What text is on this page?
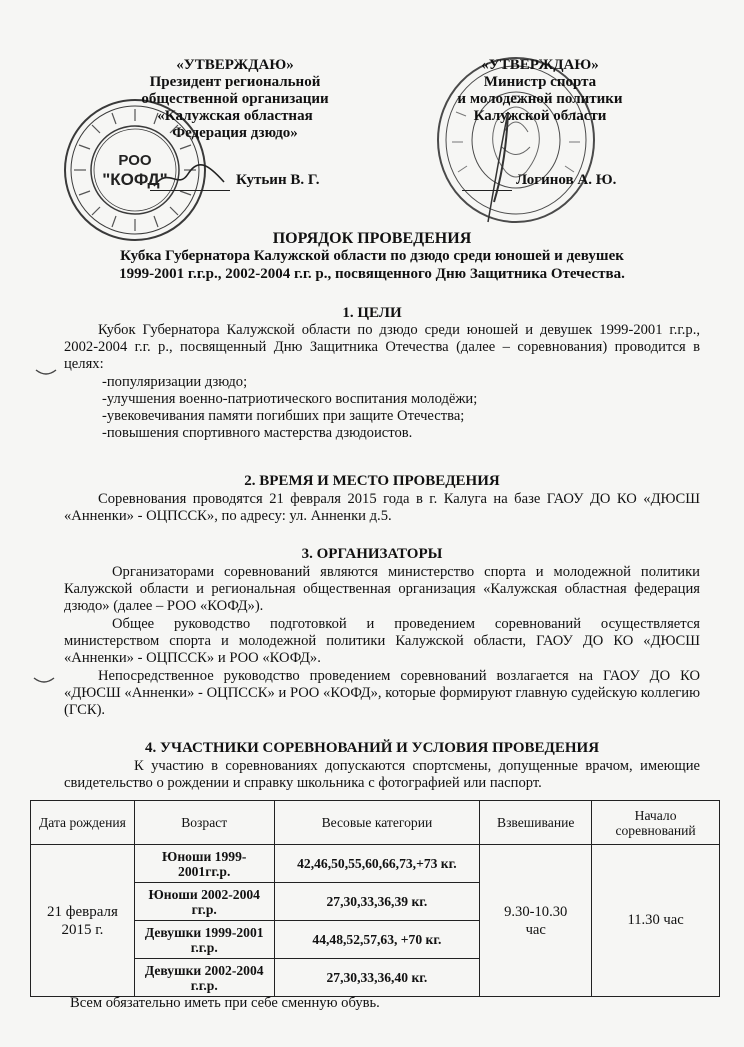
РОО
"КОФД"
«УТВЕРЖДАЮ»
Президент региональной
общественной организации
«Калужская областная
Федерация дзюдо»
Кутьин В. Г.
«УТВЕРЖДАЮ»
Министр спорта
и молодежной политики
Калужской области
Логинов А. Ю.
ПОРЯДОК ПРОВЕДЕНИЯ
Кубка Губернатора Калужской области по дзюдо среди юношей и девушек
1999-2001 г.г.р., 2002-2004 г.г. р., посвященного Дню Защитника Отечества.
1. ЦЕЛИ
Кубок Губернатора Калужской области по дзюдо среди юношей и девушек 1999-2001 г.г.р., 2002-2004 г.г. р., посвященный Дню Защитника Отечества (далее – соревнования) проводится в целях:
-популяризации дзюдо;
-улучшения военно-патриотического воспитания молодёжи;
-увековечивания памяти погибших при защите Отечества;
-повышения спортивного мастерства дзюдоистов.
2. ВРЕМЯ И МЕСТО ПРОВЕДЕНИЯ
Соревнования проводятся 21 февраля 2015 года в г. Калуга на базе ГАОУ ДО КО «ДЮСШ «Анненки» - ОЦПССК», по адресу: ул. Анненки д.5.
3. ОРГАНИЗАТОРЫ
Организаторами соревнований являются министерство спорта и молодежной политики Калужской области и региональная общественная организация «Калужская областная федерация дзюдо» (далее – РОО «КОФД»).
Общее руководство подготовкой и проведением соревнований осуществляется министерством спорта и молодежной политики Калужской области, ГАОУ ДО КО «ДЮСШ «Анненки» - ОЦПССК» и РОО «КОФД».
Непосредственное руководство проведением соревнований возлагается на ГАОУ ДО КО «ДЮСШ «Анненки» - ОЦПССК» и РОО «КОФД», которые формируют главную судейскую коллегию (ГСК).
4. УЧАСТНИКИ СОРЕВНОВАНИЙ И УСЛОВИЯ ПРОВЕДЕНИЯ
К участию в соревнованиях допускаются спортсмены, допущенные врачом, имеющие свидетельство о рождении и справку школьника с фотографией или паспорт.
Дата рождения	Возраст	Весовые категории	Взвешивание	Начало соревнований
21 февраля 2015 г.	Юноши 1999-2001гг.р.	42,46,50,55,60,66,73,+73 кг.	9.30-10.30 час	11.30 час
	Юноши 2002-2004 гг.р.	27,30,33,36,39 кг.		
	Девушки 1999-2001 г.г.р.	44,48,52,57,63, +70 кг.		
	Девушки 2002-2004 г.г.р.	27,30,33,36,40 кг.		
Всем обязательно иметь при себе сменную обувь.
